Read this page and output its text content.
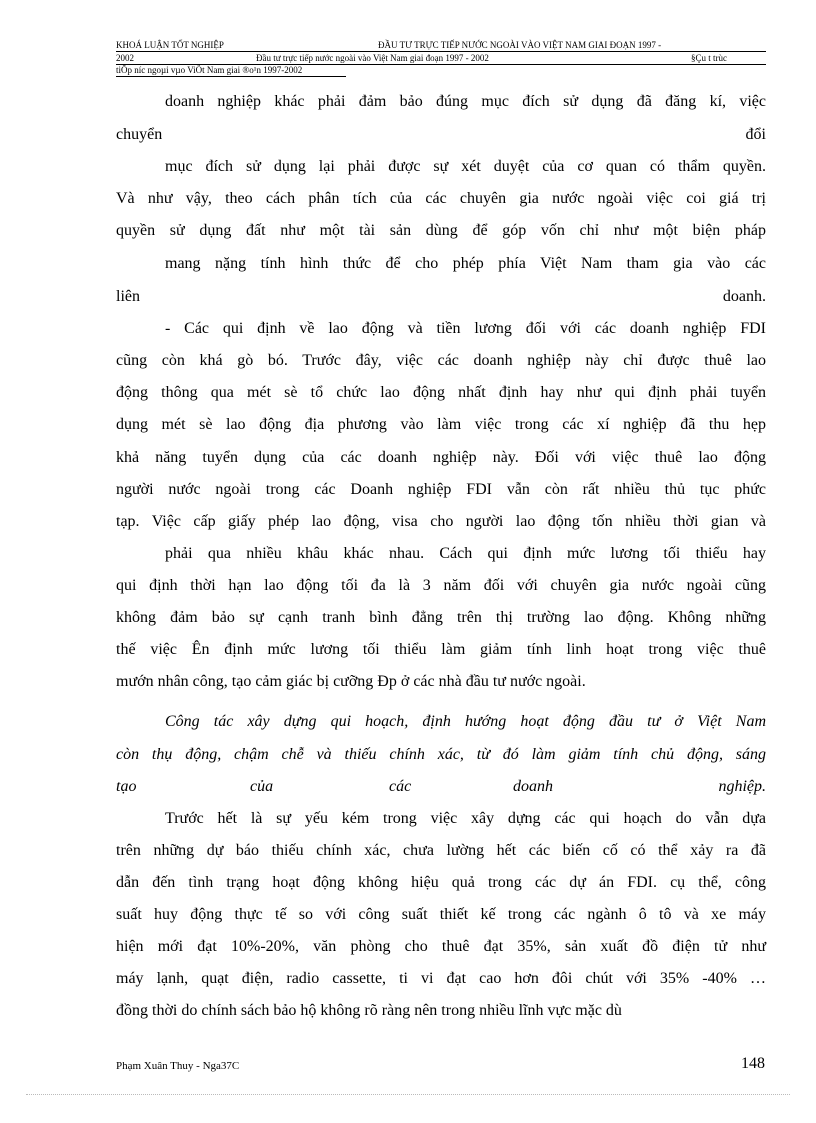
KHOÁ LUẬN TỐT NGHIỆP	ĐẦU TƯ TRỰC TIẾP NƯỚC NGOÀI VÀO VIỆT NAM GIAI ĐOẠN 1997 -
2002	Đầu tư trực tiếp nước ngoài vào Việt Nam giai đoạn 1997 - 2002	§Çu t trùc
tiÕp níc ngoµi vµo ViÖt Nam giai ®o¹n 1997-2002
doanh nghiệp khác phải đảm bảo đúng mục đích sử dụng đã đăng kí, việc
chuyển	đổi
mục đích sử dụng lại phải được sự xét duyệt của cơ quan có thẩm quyền.
Và như vậy, theo cách phân tích của các chuyên gia nước ngoài việc coi giá trị
quyền sử dụng đất như một tài sản dùng để góp vốn chỉ như một biện pháp
mang nặng tính hình thức để cho phép phía Việt Nam tham gia vào các
liên	doanh.
- Các qui định về lao động và tiền lương đối với các doanh nghiệp FDI
cũng còn khá gò bó. Trước đây, việc các doanh nghiệp này chỉ được thuê lao
động thông qua mét sè tổ chức lao động nhất định hay như qui định phải tuyển
dụng mét sè lao động địa phương vào làm việc trong các xí nghiệp đã thu hẹp
khả năng tuyển dụng của các doanh nghiệp này. Đối với việc thuê lao động
người nước ngoài trong các Doanh nghiệp FDI vẫn còn rất nhiều thủ tục phức
tạp. Việc cấp giấy phép lao động, visa cho người lao động tốn nhiều thời gian và
phải qua nhiều khâu khác nhau. Cách qui định mức lương tối thiểu hay
qui định thời hạn lao động tối đa là 3 năm đối với chuyên gia nước ngoài cũng
không đảm bảo sự cạnh tranh bình đẳng trên thị trường lao động. Không những
thế việc Ên định mức lương tối thiểu làm giảm tính linh hoạt trong việc thuê
mướn nhân công, tạo cảm giác bị cưỡng Ðp ở các nhà đầu tư nước ngoài.
Công tác xây dựng qui hoạch, định hướng hoạt động đầu tư ở Việt Nam
còn thụ động, chậm chễ và thiếu chính xác, từ đó làm giảm tính chủ động, sáng
tạo	của	các	doanh	nghiệp.
Trước hết là sự yếu kém trong việc xây dựng các qui hoạch do vẫn dựa
trên những dự báo thiếu chính xác, chưa lường hết các biến cố có thể xảy ra đã
dẫn đến tình trạng hoạt động không hiệu quả trong các dự án FDI. cụ thể, công
suất huy động thực tế so với công suất thiết kế trong các ngành ô tô và xe máy
hiện mới đạt 10%-20%, văn phòng cho thuê đạt 35%, sản xuất đồ điện tử như
máy lạnh, quạt điện, radio cassette, ti vi đạt cao hơn đôi chút với 35% -40% …
đồng thời do chính sách bảo hộ không rõ ràng nên trong nhiều lĩnh vực mặc dù
Phạm Xuân Thuy - Nga37C	148
